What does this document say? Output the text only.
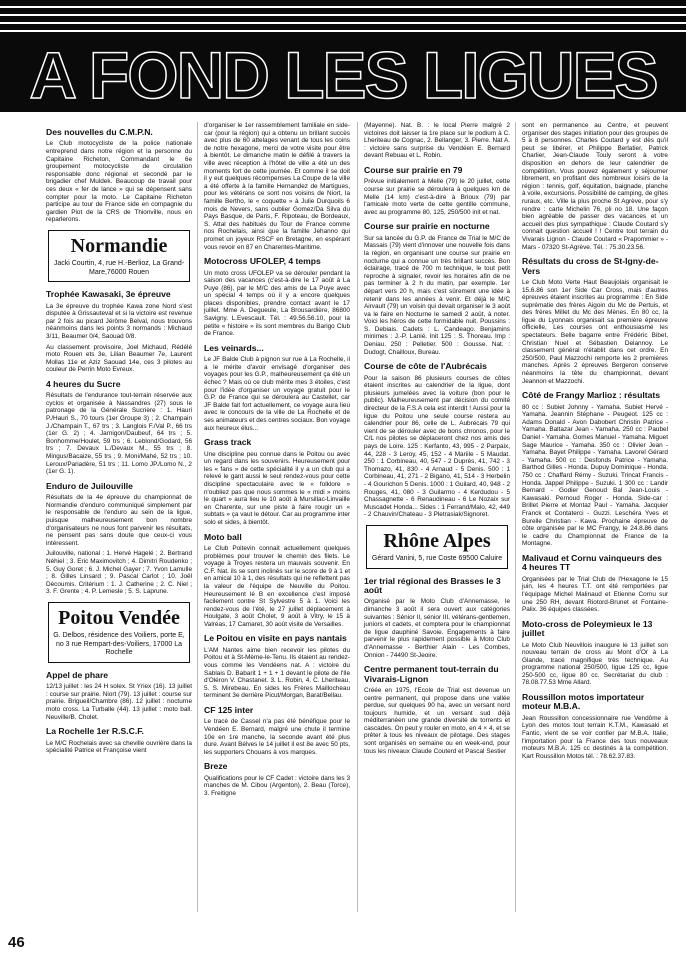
A FOND LES LIGUES
Des nouvelles du C.M.P.N.

Le Club motocycliste de la police nationale entreprend dans notre région et la personne du Capitaine Richeton, Commandant le 6e groupement motocycliste de circulation responsable donc régional et secondé par le brigadier chef Muldek. Beaucoup de travail pour ces deux « fer de lance » qui se dépensent sans compter pour la moto. Le Capitaine Richeton participe au tour de France side en compagnie du gardien Piot de la CRS de Thionville, nous en reparlerons.

Normandie
Jacki Courtin, 4, rue H.-Berlioz, La Grand-Mare,76000 Rouen
Trophée Kawasaki, 3e épreuve

La 3e épreuve du trophée Kawa zone Nord s'est disputée à Grissauteval et si la victoire est revenue par 2 fois au picard Jérôme Belval, nous trouvons néanmoins dans les points 3 normands : Michaud 3/11, Beaumer 0/4, Saouad 0/8.

Au classement provisoire, Joel Michaud, Rédélé moto Rouen ets 3e, Lilian Beaumer 7e, Laurent Mollas 11e et Aziz Saouad 14e, ces 3 pilotes au couleur de Perrin Moto Evreux.

4 heures du Sucre

Résultats de l'endurance tout-terrain réservée aux cyclos et organisée à Nassandres (27) sous le patronage de la Générale Sucrière : 1. Hauri P./Hauri S., 70 tours (1er Groupe 3) ; 2. Champain J./Champain T., 67 trs ; 3. Langlois F./Val P., 66 trs (1er G. 2) ; 4. Jarnigon/Daubeuf, 64 trs ; 5. Bonhomme/Houlet, 59 trs ; 6. Leblond/Godard, 56 trs ; 7. Devaux L./Devaux M., 55 trs ; 8. Mingus/Bacaize, 55 trs ; 9. Moni/Mahé, 52 trs ; 10. Leroux/Pariadère, 51 trs ; 11. Lomo JP./Lomo N., 2 (1er G. 1).

Enduro de Juilouville

Résultats de la 4e épreuve du championnat de Normandie d'enduro communiqué simplement par le responsable de l'enduro au sein de la ligue, puisque malheureusement bon nombre d'organisateurs ne nous font parvenir les résultats, ne pensent pas sans doute que ceux-ci vous intéressent.

Juilouville, national : 1. Hervé Hagelé ; 2. Bertrand Néhiel ; 3. Eric Maximovitch ; 4. Dimitri Roudenko ; 5. Guy Goret ; 6. J. Michel Gayer ; 7. Yvon Lamulle ; 8. Gilles Linsard ; 9. Pascal Carlot ; 10. Joël Découmis. Critérium : 1. J. Catherine ; 2. C. Niel ; 3. F. Grente ; 4. P. Lemesle ; 5. S. Laprune.

Poitou Vendée
G. Delbos, résidence des Voiliers, porte E, no 3 rue Rempart-des-Voiliers, 17000 La Rochelle
Appel de phare

12/13 juillet : les 24 H solex. St Yriex (16). 13 juillet : course sur prairie. Niort (79). 13 juillet : course sur prairie. Brigueil/Chambre (86). 12 juillet : nocturne moto cross. La Turballe (44). 13 juillet : moto ball. Neuville/B. Cholet.

La Rochelle 1er R.S.C.F.

Le M/C Rochelais avec sa cheville ouvrière dans la spécialité Patrice et Françoise vient

d'organiser le 1er rassemblement familiale en side-car (pour la région) qui a obtenu un brillant succès avec plus de 60 attelages venant de tous les coins de notre hexagone, merci de votre visite pour être à bientôt. Le dimanche matin le défilé à travers la ville avec réception à l'hôtel de ville a été un des moments fort de cette journée. Et comme il se doit il y eut quelques récompenses La Coupe de la ville a été offerte à la famille Hernandez de Martigues, pour les vétérans ce sont nos voisins de Niort, la famille Bertho, le « coquette » à Julie Durquoils 6 mois de Nevers, sans oublier Gomez/Da Silva du Pays Basque, de Paris, F. Ripoteau, de Bordeaux, S. Attal des habitués du Tour de France comme nos Rochelais, ainsi que la famille Jehanno qui promet un joyeux RSCF en Bretagne, en espérant vous revoir en 87 en Charentes-Maritime.

Motocross UFOLEP, 4 temps

Un moto cross UFOLEP va se dérouler pendant la saison des vacances (c'est-à-dire le 17 août à La Puye (86), par le M/C des amis de La Puye avec un spécial 4 temps où il y a encore quelques places disponibles, prendre contact avant le 17 juillet. Mme A. Degueule, La Brousardière, 86800 Savigny. L.Evescault. Tél. : 49.56.56.10, pour la petite « histoire » ils sont membres du Barigo Club de France.

Les veinards...

Le JF Balde Club à pignon sur rue à La Rochelle, il a le mérite d'avoir envisagé d'organiser des voyages pour les G.P., malheureusement ça été un échec ? Mais où ce club mérite mes 3 étoiles, c'est pour l'idée d'organiser un voyage gratuit pour le G.P. de France qui se déroulera au Castellet, car JF Balde fait fort actuellement, ce voyage aura lieu avec le concours de la ville de La Rochelle et de ses animateurs et des centres sociaux. Bon voyage aux heureux élus...

Grass track

Une discipline peu connue dans le Poitou ou avec un regard dans les souvenirs. Heureusement pour les « fans » de cette spécialité il y a un club qui a relevé le gant aussi le seul rendez-vous pour cette discipline spectaculaire avec le « folklore » n'oubliez pas que nous sommes le « midi » moins le quart » aura lieu le 10 août à Mursillac-Linvaille en Charente, sur une piste à faire rougir un « subtats » ça vaut le détour. Car au programme inter solo et sides, à bientôt.

Moto ball

Le Club Poitevin connait actuellement quelques problèmes pour trouver le chemin des filets. Le voyage à Troyes restera un mauvais souvenir. En C.F. Nat. ils se sont inclinés sur le score de 9 à 1 et en amical 10 à 1, des résultats qui ne reflettent pas la valeur de l'équipe de Neuville du Poitou. Heureusement lé B en excellence c'est imposé facilement contre St Sylvestre 5 à 1. Voici les rendez-vous de l'été, le 27 juillet déplacement à Houlgate, 3 août Cholet, 9 août à Vitry, le 15 à Valréas, 17 Camaret, 30 août visite de Versailles.

Le Poitou en visite en pays nantais

L'AM Nantes aime bien recevoir les pilotes du Poitou et à St-Mème-le-Tenu. Ils étaient au rendez-vous comme les Vendéens nat. A : victoire du Sablais D. Babarit 1 + 1 + 1 devant le pilote de l'Ile d'Oléron V. Chastanet. 3. L. Robin, 4. C. Lheriteau, 5. S. Mirebeau. En sides les Frères Maillocheau terminent 3e derrière Picut/Morgan, Barat/Bellau.

CF 125 inter

Le tracé de Cassel n'a pas été bénéfique pour le Vendéen E. Bernard, malgré une chute il termine 10e en 1re manche, la seconde avant été plus dure. Avant Bélves le 14 juillet il est 8e avec 50 pts, les supporters Chouans à vos marques.

Breze

Qualifications pour le CF Cadet : victoire dans les 3 manches de M. Cibou (Argenton), 2. Beau (Torce), 3. Freitigne

(Mayenne). Nat. B. : le local Pierre malgré 2 victoires doit laisser la 1re place sur le podium à C. Lheriteau de Cognac, 2. Bellanger, 3. Pierre. Nat A. : victoire sans surprise du Vendéen E. Bernard devant Rebuau et L. Robin.

Course sur prairie en 79

Prévue initialement à Melle (79) le 20 juillet, cette course sur prairie se déroulera à quelques km de Melle (14 km) c'est-à-dire à Brioux (79) par l'amicale moto verte de cette gentille commune, avec au programme 80, 125, 250/500 init et nat.

Course sur prairie en nocturne

Sur sa lancée du G.P. de France de Trial le M/C de Massais (79) vient d'innover une nouvelle fois dans la région, en organisant une course sur prairie en nocturne qui a connue un très brillant succès. Bon éclairage, tracé de 700 m technique, le tout petit reproche à signaler, revoir les horaires afin de ne pas terminer à 2 h du matin, par exemple. 1er départ vers 20 h, mais c'est sûrement une idée à retenir dans les années à venir. Et déjà le M/C Airvault (79) un voisin qui devait organiser le 3 août va le faire en Nocturne le samedi 2 août, à noter. Voici les héros de cette formidable nuit. Poussins : S. Debiais. Cadets : L. Candeago. Benjamins minimes : J.-P. Lanié. Init 125 : S. Thoreau. Imp : Deniau. 250 : Pelletier. 500 : Gousse. Nat. : Dudogt, Chailloux, Bureau.

Course de côte de l'Aubrécais

Pour la saison 86 plusieurs courses de côtes étaient inscrites au calendrier de la ligue, dont plusieurs jumelées avec la voiture (bon pour le public). Malheureusement par décision du comité directeur de la F.S.A cela est interdit ! Aussi pour la ligue du Poitou une seule course restera au calendrier pour 86, celle de L. Aubrécais 79 qui vient de se dérouler avec de bons chronos, pour le C/L nos pilotes se déplaceront chez nos amis des pays de Loire. 125 : Kerfanto, 43, 995 - 2 Parpaix, 44, 228 - 3 Leroy, 45, 152 - 4 Mariile - 5 Maudat. 250 : 1 Corbineau, 40, 547 - 2 Duprès, 41, 742 - 3 Thomazo, 41, 830 - 4 Arnaud - 5 Denis. 500 : 1 Corbineau, 41, 271 - 2 Bigano, 41, 514 - 3 Herbelin - 4 Gourichon 5 Denis. 1000 : 1 Guilard, 40, 948 - 2 Rouges, 41, 080 - 3 Guilarmo - 4 Kerdudou - 5 Chassagnette - 6 Renaudineau - 6 Le Nozaix sur Muscadet Honda... Sides : 1 Ferrand/Malo, 42, 449 - 2 Chauvin/Chateau - 3 Pletrasiak/Signoret.

Rhône Alpes
Gérard Vanini, 5, rue Coste 69500 Caluire
1er trial régional des Brasses le 3 août

Organisé par le Moto Club d'Annemasse, le dimanche 3 août il sera ouvert aux catégories suivantes : Sénior II, sénior III, vétérans-gentlemen, juniors et cadets, et comptera pour le championnat de ligue dauphiné Savoie. Engagements à faire parvenir le plus rapidement possible à Moto Club d'Annemasse - Berthier Alain - Les Combes, Onnion - 74490 St-Jeoire.

Centre permanent tout-terrain du Vivarais-Lignon

Créée en 1975, l'Ecole de Trial est devenue un centre permanent, qui propose dans une vallée perdue, sur quelques 90 ha, avec un versant nord toujours humide, et un versant sud déjà méditerranéen une grande diversité de torrents et cascades. On peut y rouler en moto, en 4 × 4, et se prêter à tous les niveaux de pilotage. Des stages sont organisés en semaine ou en week-end, pour tous les niveaux Claude Couterd et Pascal Sestier

sont en permanence au Centre, et peuvent organiser des stages initiation pour des groupes de 5 à 8 personnes. Charles Coutard y est dès qu'il peut se libérer, et Philippe Berlatier, Patrick Charlier, Jean-Claude Touly seront à votre disposition en dehors de leur calendrier de compétition. Vous pouvez également y séjourner librement, en profitant des nombreux loisirs de la région : tennis, golf, équitation, baignade, planche à voile, excursions. Possibilité de camping, de gîtes ruraux, etc. Ville la plus proche St Agrève, pour s'y rendre : carte Michelin 76, pli no 18. Une façon bien agréable de passer des vacances et un accueil des plus sympathique : Claude Coutard s'y connait question accueil ! ! Centre tout terrain du Vivarais Lignon - Claude Coutard « Prapommier » - Mars - 07320 St-Agrève. Tél. : 75.30.23.56.

Résultats du cross de St-Igny-de-Vers

Le Club Moto Verte Haut Beaujolais organisait le 15.6.86 son 1er Side Car Cross, mais d'autres épreuves étaient inscrites au programme : En Side suprématie des frères Aigoin du Mc de Pertuis, et des frères Millet du Mc des Mènes. En 80 cc, la ligue du Lyonnais organisait sa première épreuve officielle, Les courses ont enthousiasmé les spectateurs. Belle bagarre entre Frédéric Bibet, Christian Nuel et Sébastien Delannoy. Le classement général n'établit dans cet ordre. En 250/500, Paul Mazzochi remporte les 2 premières manches. Après 2 épreuves Bergeron conserve néanmoins la tête du championnat, devant Jeannon et Mazzochi.

Côté de Frangy Marlioz : résultats

80 cc : Subiet Johnny - Yamaha. Subiet Hervé - Yamaha. Jeannin Stéphane - Peugeot. 125 cc : Adams Donald - Avon Dabobert Christin Patrice - Yamaha. Baltazar Jean - Yamaha. 250 cc : Paubel Daniel - Yamaha. Gomes Manuel - Yamaha. Miguet Sage Maurice - Yamaha. 350 cc : Olivier Jean - Yamaha. Bayet Philippe - Yamaha. Lavorel Gérard - Yamaha. 500 cc : Desfonds Patrice - Yamaha. Barthod Gilles - Honda. Dupuy Dominique - Honda. 750 cc : Chaffard Rémy - Suzuki. Trincat Francis - Honda. Jappel Philippe - Suzuki. 1 300 cc : Landir Bernard - Godier Genoud Bal Jean-Louis - Kawasaki. Pernoud Roger - Honda. Side-car : Brillet Pierre et Montaz Paul - Yamaha. Jacquier Franck et Contaterci - Guzzi. Leschéra Yves et Burelle Christian - Kawa. Prochaine épreuve de côte organisée par le MC Frangy, le 24.8.86 dans le cadre du Championnat de France de la Montagne.

Malivaud et Cornu vainqueurs des 4 heures TT

Organisées par le Trial Club de l'Hexagone le 15 juin, les 4 heures T.T. ont été remportées par l'équipage Michel Malinaud et Etienne Cornu sur une 250 RH, devant Riotord-Brunet et Fontaine-Palix. 36 équipes classées.

Moto-cross de Poleymieux le 13 juillet

Le Moto Club Neuvillois inaugure le 13 juillet son nouveau terrain de cross au Mont d'Or à La Glande, tracé magnifique très technique. Au programme national 250/500, ligue 125 cc, ligue 250-500 cc, ligue 80 cc. Secrétariat du club : 78.08.77.53 Mme Allard.

Roussillon motos importateur moteur M.B.A.

Jean Roussillon concessionnaire rue Vendôme à Lyon des motos tout terrain K.T.M., Kawasaki et Fantic, vient de se voir confier par M.B.A. Italie, l'importation pour la France des tous nouveaux moteurs M.B.A. 125 cc destinés à la compétition. Kart Roussillon Motos tél. : 78.62.37.83.

46
